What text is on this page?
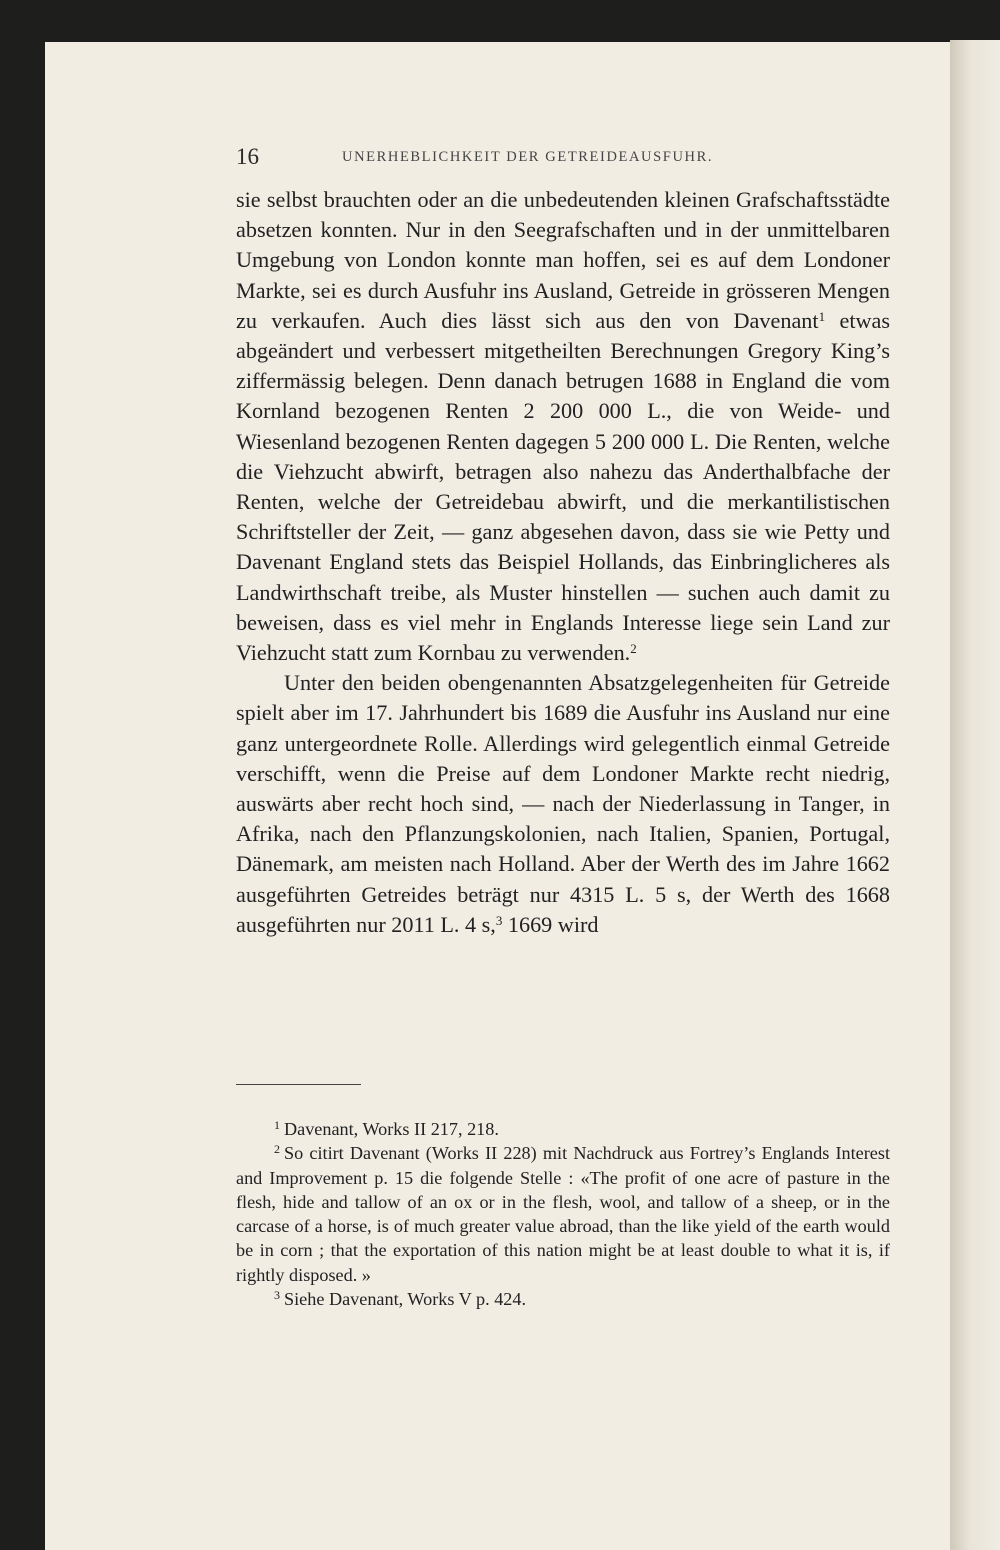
16	UNERHEBLICHKEIT DER GETREIDEAUSFUHR.

sie selbst brauchten oder an die unbedeutenden kleinen Grafschaftsstädte absetzen konnten. Nur in den Seegrafschaften und in der unmittelbaren Umgebung von London konnte man hoffen, sei es auf dem Londoner Markte, sei es durch Ausfuhr ins Ausland, Getreide in grösseren Mengen zu verkaufen. Auch dies lässt sich aus den von Davenant$^1$ etwas abgeändert und verbessert mitgetheilten Berechnungen Gregory King’s ziffermässig belegen. Denn danach betrugen 1688 in England die vom Kornland bezogenen Renten 2 200 000 L., die von Weide- und Wiesenland bezogenen Renten dagegen 5 200 000 L. Die Renten, welche die Viehzucht abwirft, betragen also nahezu das Anderthalbfache der Renten, welche der Getreidebau abwirft, und die merkantilistischen Schriftsteller der Zeit, — ganz abgesehen davon, dass sie wie Petty und Davenant England stets das Beispiel Hollands, das Einbringlicheres als Landwirthschaft treibe, als Muster hinstellen — suchen auch damit zu beweisen, dass es viel mehr in Englands Interesse liege sein Land zur Viehzucht statt zum Kornbau zu verwenden.$^2$

Unter den beiden obengenannten Absatzgelegenheiten für Getreide spielt aber im 17. Jahrhundert bis 1689 die Ausfuhr ins Ausland nur eine ganz untergeordnete Rolle. Allerdings wird gelegentlich einmal Getreide verschifft, wenn die Preise auf dem Londoner Markte recht niedrig, auswärts aber recht hoch sind, — nach der Niederlassung in Tanger, in Afrika, nach den Pflanzungskolonien, nach Italien, Spanien, Portugal, Dänemark, am meisten nach Holland. Aber der Werth des im Jahre 1662 ausgeführten Getreides beträgt nur 4315 L. 5 s, der Werth des 1668 ausgeführten nur 2011 L. 4 s,$^3$ 1669 wird

$^1$ Davenant, Works II 217, 218.

$^2$ So citirt Davenant (Works II 228) mit Nachdruck aus Fortrey’s Englands Interest and Improvement p. 15 die folgende Stelle : «The profit of one acre of pasture in the flesh, hide and tallow of an ox or in the flesh, wool, and tallow of a sheep, or in the carcase of a horse, is of much greater value abroad, than the like yield of the earth would be in corn ; that the exportation of this nation might be at least double to what it is, if rightly disposed. »

$^3$ Siehe Davenant, Works V p. 424.
